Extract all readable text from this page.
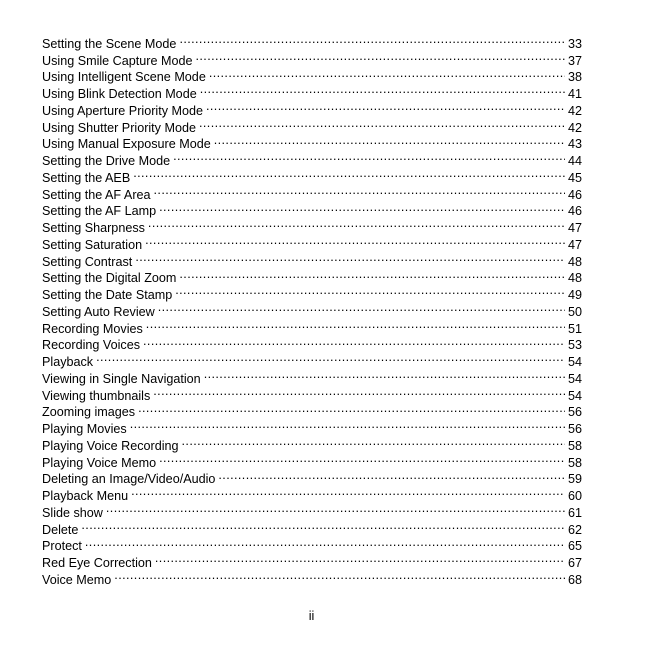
Setting the Scene Mode .....	33
Using Smile Capture Mode .....	37
Using Intelligent Scene Mode .....	38
Using Blink Detection Mode .....	41
Using Aperture Priority Mode .....	42
Using Shutter Priority Mode .....	42
Using Manual Exposure Mode .....	43
Setting the Drive Mode .....	44
Setting the AEB .....	45
Setting the AF Area .....	46
Setting the AF Lamp .....	46
Setting Sharpness .....	47
Setting Saturation .....	47
Setting Contrast .....	48
Setting the Digital Zoom .....	48
Setting the Date Stamp .....	49
Setting Auto Review .....	50
Recording Movies .....	51
Recording Voices .....	53
Playback .....	54
Viewing in Single Navigation .....	54
Viewing thumbnails .....	54
Zooming images .....	56
Playing Movies .....	56
Playing Voice Recording .....	58
Playing Voice Memo .....	58
Deleting an Image/Video/Audio .....	59
Playback Menu .....	60
Slide show .....	61
Delete .....	62
Protect .....	65
Red Eye Correction .....	67
Voice Memo .....	68
ii
